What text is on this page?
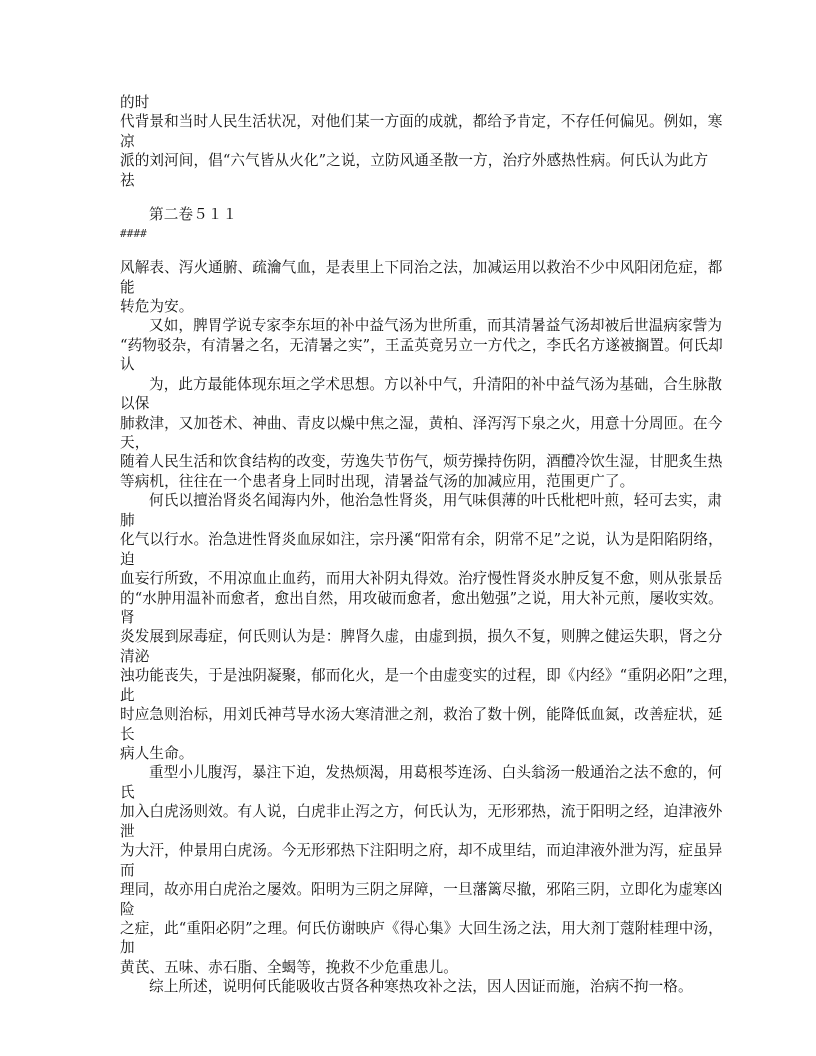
的时
代背景和当时人民生活状况，对他们某一方面的成就，都给予肯定，不存任何偏见。例如，寒
凉
派的刘河间，倡“六气皆从火化”之说，立防风通圣散一方，治疗外感热性病。何氏认为此方
祛
第二卷５１１
####
风解表、泻火通腑、疏瀹气血，是表里上下同治之法，加减运用以救治不少中风阳闭危症，都
能
转危为安。
又如，脾胃学说专家李东垣的补中益气汤为世所重，而其清暑益气汤却被后世温病家訾为
“药物驳杂，有清暑之名，无清暑之实”，王孟英竟另立一方代之，李氏名方遂被搁置。何氏却
认
为，此方最能体现东垣之学术思想。方以补中气，升清阳的补中益气汤为基础，合生脉散
以保
肺救津，又加苍术、神曲、青皮以燥中焦之湿，黄柏、泽泻泻下泉之火，用意十分周匝。在今
天，
随着人民生活和饮食结构的改变，劳逸失节伤气，烦劳操持伤阴，酒醴冷饮生湿，甘肥炙生热
等病机，往往在一个患者身上同时出现，清暑益气汤的加减应用，范围更广了。
何氏以擅治肾炎名闻海内外，他治急性肾炎，用气味俱薄的叶氏枇杷叶煎，轻可去实，肃
肺
化气以行水。治急进性肾炎血尿如注，宗丹溪“阳常有余，阴常不足”之说，认为是阳陷阴络，
迫
血妄行所致，不用凉血止血药，而用大补阴丸得效。治疗慢性肾炎水肿反复不愈，则从张景岳
的“水肿用温补而愈者，愈出自然，用攻破而愈者，愈出勉强”之说，用大补元煎，屡收实效。
肾
炎发展到尿毒症，何氏则认为是：脾肾久虚，由虚到损，损久不复，则脾之健运失职，肾之分
清泌
浊功能丧失，于是浊阴凝聚，郁而化火，是一个由虚变实的过程，即《内经》“重阴必阳”之理，
此
时应急则治标，用刘氏神芎导水汤大寒清泄之剂，救治了数十例，能降低血氮，改善症状，延
长
病人生命。
重型小儿腹泻，暴注下迫，发热烦渴，用葛根芩连汤、白头翁汤一般通治之法不愈的，何
氏
加入白虎汤则效。有人说，白虎非止泻之方，何氏认为，无形邪热，流于阳明之经，迫津液外
泄
为大汗，仲景用白虎汤。今无形邪热下注阳明之府，却不成里结，而迫津液外泄为泻，症虽异
而
理同，故亦用白虎治之屡效。阳明为三阴之屏障，一旦藩篱尽撤，邪陷三阴，立即化为虚寒凶
险
之症，此“重阳必阴”之理。何氏仿谢映庐《得心集》大回生汤之法，用大剂丁蔻附桂理中汤，
加
黄芪、五味、赤石脂、全蝎等，挽救不少危重患儿。
综上所述，说明何氏能吸收古贤各种寒热攻补之法，因人因证而施，治病不拘一格。
